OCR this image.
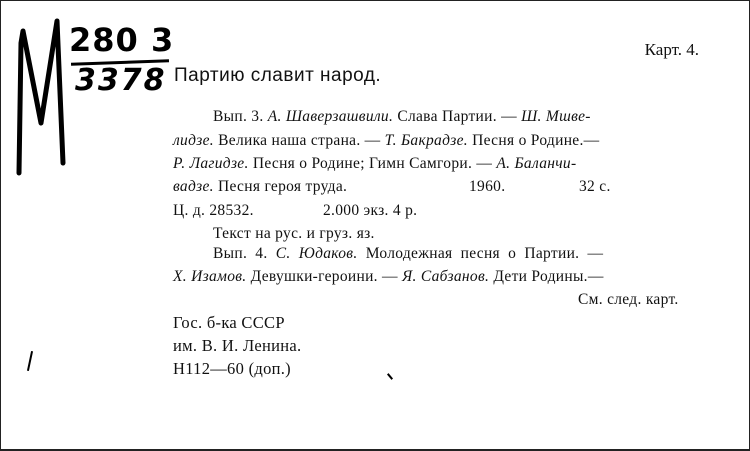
280 3
3378
Карт. 4.
Партию славит народ.
Вып. 3. А. Шаверзашвили. Слава Партии. — Ш. Мшве-
лидзе. Велика наша страна. — Т. Бакрадзе. Песня о Родине.—
Р. Лагидзе. Песня о Родине; Гимн Самгори. — А. Баланчи-
вадзе. Песня героя труда.	1960.	32 с.
Ц. д. 28532.	2.000 экз. 4 р.
Текст на рус. и груз. яз.
Вып. 4. С. Юдаков. Молодежная песня о Партии. —
Х. Изамов. Девушки-героини. — Я. Сабзанов. Дети Родины.—
См. след. карт.
Гос. б-ка СССР
им. В. И. Ленина.
Н112—60 (доп.)
